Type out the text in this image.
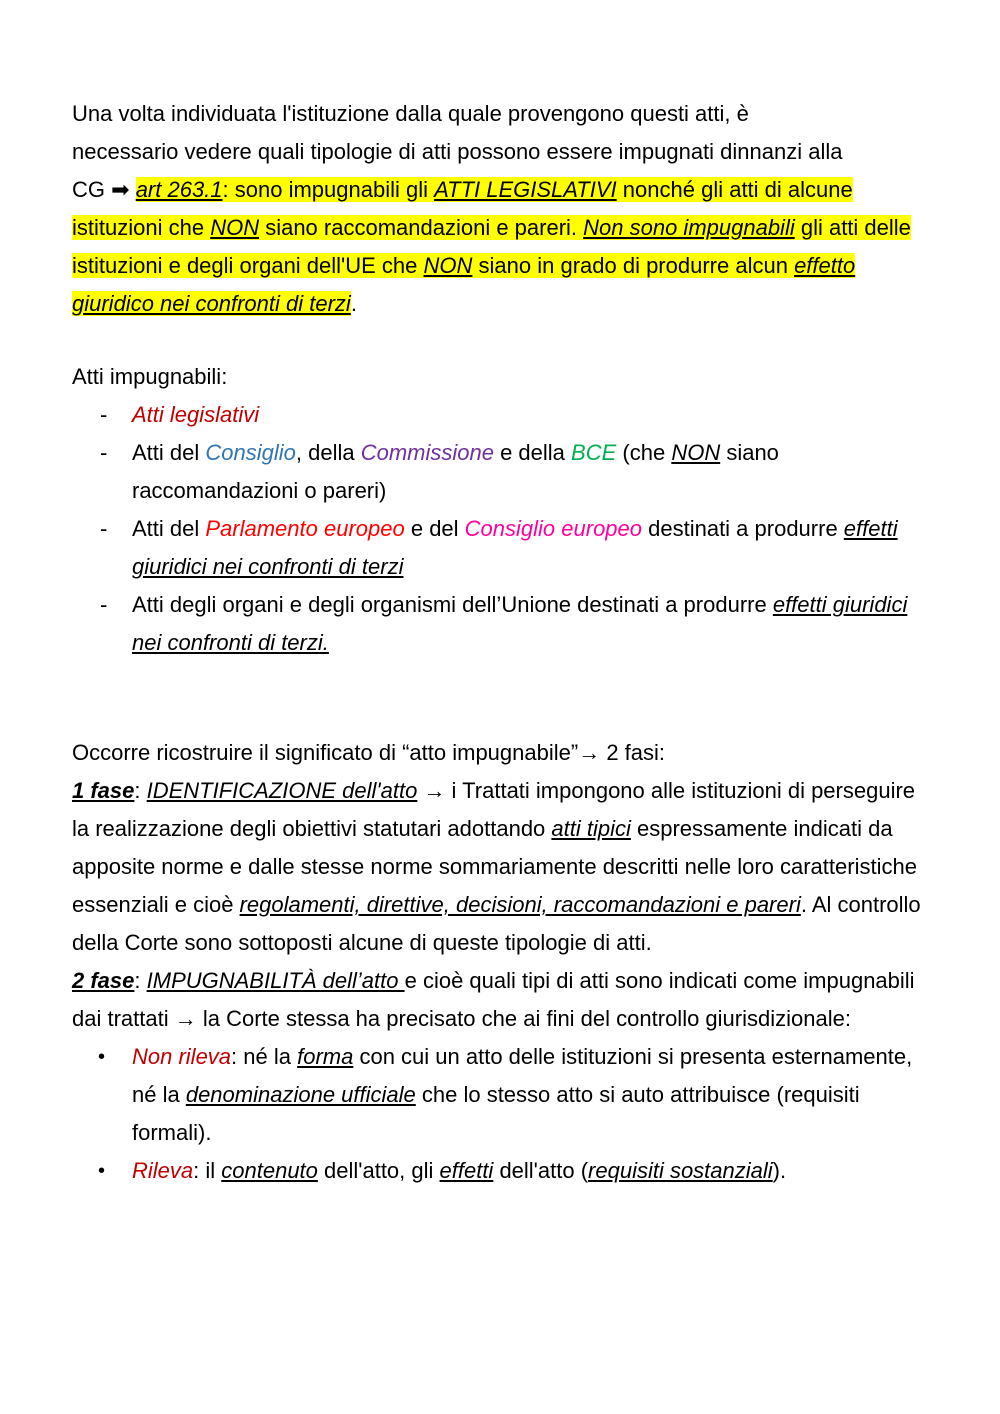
Una volta individuata l'istituzione dalla quale provengono questi atti, è
necessario vedere quali tipologie di atti possono essere impugnati dinnanzi alla
CG ➡ art 263.1: sono impugnabili gli ATTI LEGISLATIVI nonché gli atti di alcune istituzioni che NON siano raccomandazioni e pareri. Non sono impugnabili gli atti delle istituzioni e degli organi dell'UE che NON siano in grado di produrre alcun effetto giuridico nei confronti di terzi.

Atti impugnabili:

- Atti legislativi
- Atti del Consiglio, della Commissione e della BCE (che NON siano raccomandazioni o pareri)
- Atti del Parlamento europeo e del Consiglio europeo destinati a produrre effetti giuridici nei confronti di terzi
- Atti degli organi e degli organismi dell’Unione destinati a produrre effetti giuridici nei confronti di terzi.

Occorre ricostruire il significato di “atto impugnabile”→ 2 fasi:

1 fase: IDENTIFICAZIONE dell'atto → i Trattati impongono alle istituzioni di perseguire la realizzazione degli obiettivi statutari adottando atti tipici espressamente indicati da apposite norme e dalle stesse norme sommariamente descritti nelle loro caratteristiche essenziali e cioè regolamenti, direttive, decisioni, raccomandazioni e pareri. Al controllo della Corte sono sottoposti alcune di queste tipologie di atti.

2 fase: IMPUGNABILITÀ dell’atto e cioè quali tipi di atti sono indicati come impugnabili dai trattati → la Corte stessa ha precisato che ai fini del controllo giurisdizionale:

• Non rileva: né la forma con cui un atto delle istituzioni si presenta esternamente, né la denominazione ufficiale che lo stesso atto si auto attribuisce (requisiti formali).
• Rileva: il contenuto dell'atto, gli effetti dell'atto (requisiti sostanziali).
